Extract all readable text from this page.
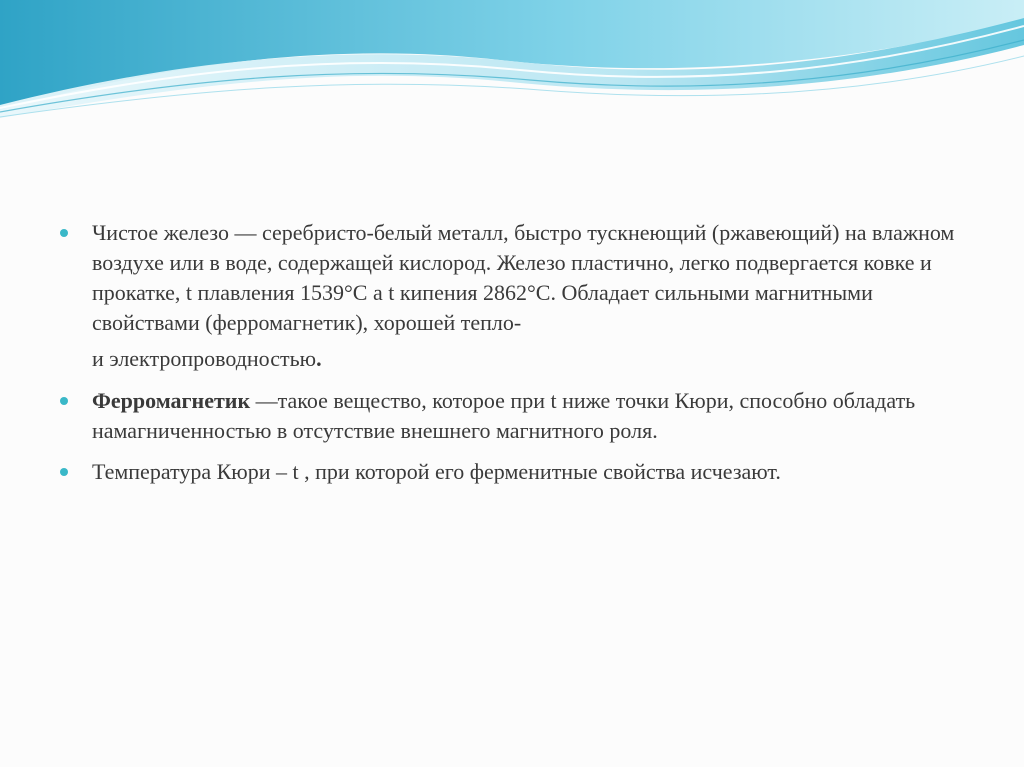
Чистое железо — серебристо-белый металл, быстро тускнеющий (ржавеющий) на влажном воздухе или в воде, содержащей кислород. Железо пластично, легко подвергается ковке и прокатке, t плавления 1539°С а t кипения 2862°С. Обладает сильными магнитными свойствами (ферромагнетик), хорошей тепло-
и электропроводностью.
Ферромагнетик —такое вещество, которое при t ниже точки Кюри, способно обладать намагниченностью в отсутствие внешнего магнитного роля.
Температура Кюри – t , при которой его ферменитные свойства исчезают.
